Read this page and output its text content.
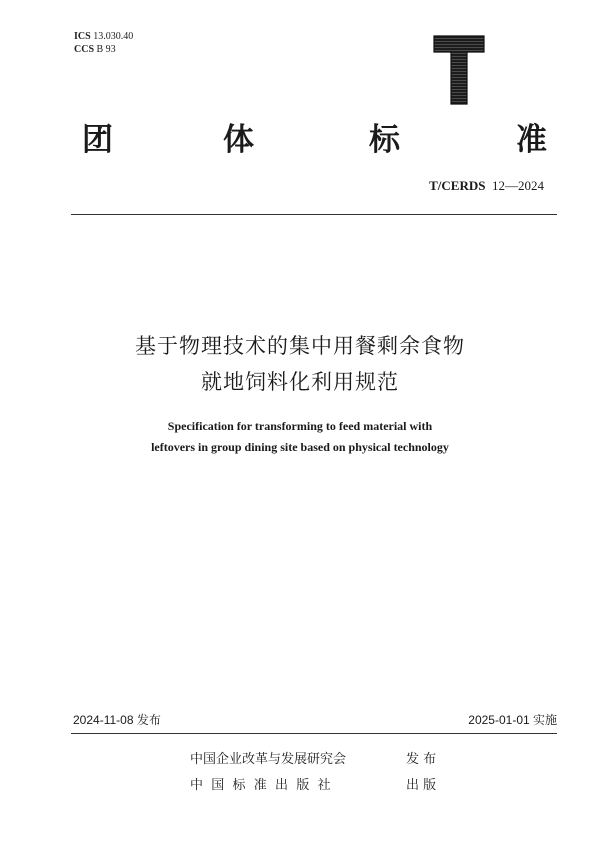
ICS 13.030.40
CCS B 93
团	体	标	准
T/CERDS 12—2024
基于物理技术的集中用餐剩余食物
就地饲料化利用规范
Specification for transforming to feed material with
leftovers in group dining site based on physical technology
2024-11-08 发布	2025-01-01 实施
中国企业改革与发展研究会	发 布
中  国  标  准  出  版  社	出 版
